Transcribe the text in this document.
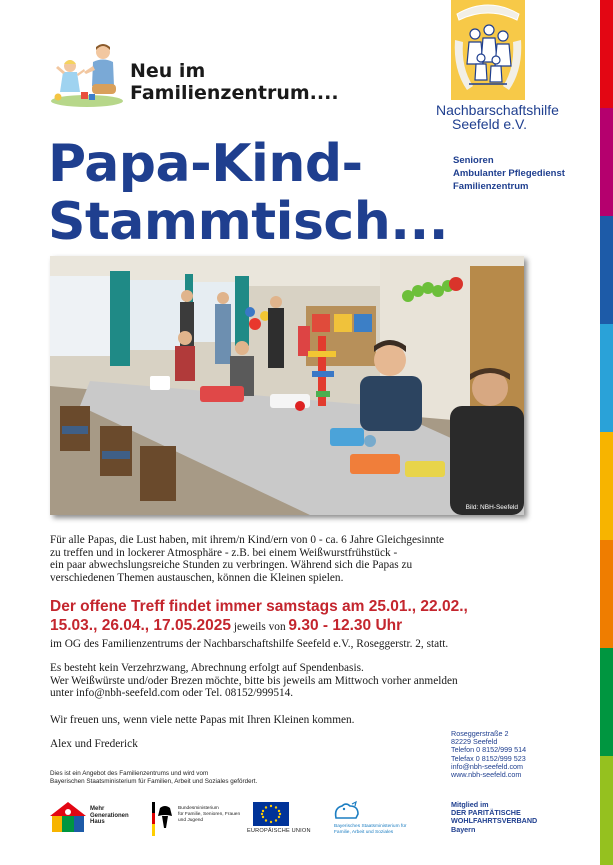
Neu im
Familienzentrum....
Papa-Kind-
Stammtisch...
Nachbarschaftshilfe
Seefeld e.V.
Senioren
Ambulanter Pflegedienst
Familienzentrum
Bild: NBH-Seefeld
Für alle Papas, die Lust haben, mit ihrem/n Kind/ern von 0 - ca. 6 Jahre Gleichgesinnte
zu treffen und in lockerer Atmosphäre - z.B. bei einem Weißwurstfrühstück -
ein paar abwechslungsreiche Stunden zu verbringen. Während sich die Papas zu
verschiedenen Themen austauschen, können die Kleinen spielen.
Der offene Treff findet immer samstags am 25.01., 22.02.,
15.03., 26.04., 17.05.2025 jeweils von 9.30 - 12.30 Uhr
im OG des Familienzentrums der Nachbarschaftshilfe Seefeld e.V., Roseggerstr. 2, statt.
Es besteht kein Verzehrzwang, Abrechnung erfolgt auf Spendenbasis.
Wer Weißwürste und/oder Brezen möchte, bitte bis jeweils am Mittwoch vorher anmelden
unter info@nbh-seefeld.com oder Tel. 08152/999514.
Wir freuen uns, wenn viele nette Papas mit Ihren Kleinen kommen.
Alex und Frederick
Roseggerstraße 2
82229 Seefeld
Telefon 0 8152/999 514
Telefax 0 8152/999 523
info@nbh-seefeld.com
www.nbh-seefeld.com
Mitglied im
DER PARITÄTISCHE
WOHLFAHRTSVERBAND
Bayern
Dies ist ein Angebot des Familienzentrums und wird vom
Bayerischen Staatsministerium für Familien, Arbeit und Soziales gefördert.
Mehr
Generationen
Haus
Bundesministerium
für Familie, Senioren, Frauen
und Jugend
EUROPÄISCHE UNION
Bayerisches Staatsministerium für
Familie, Arbeit und Soziales
